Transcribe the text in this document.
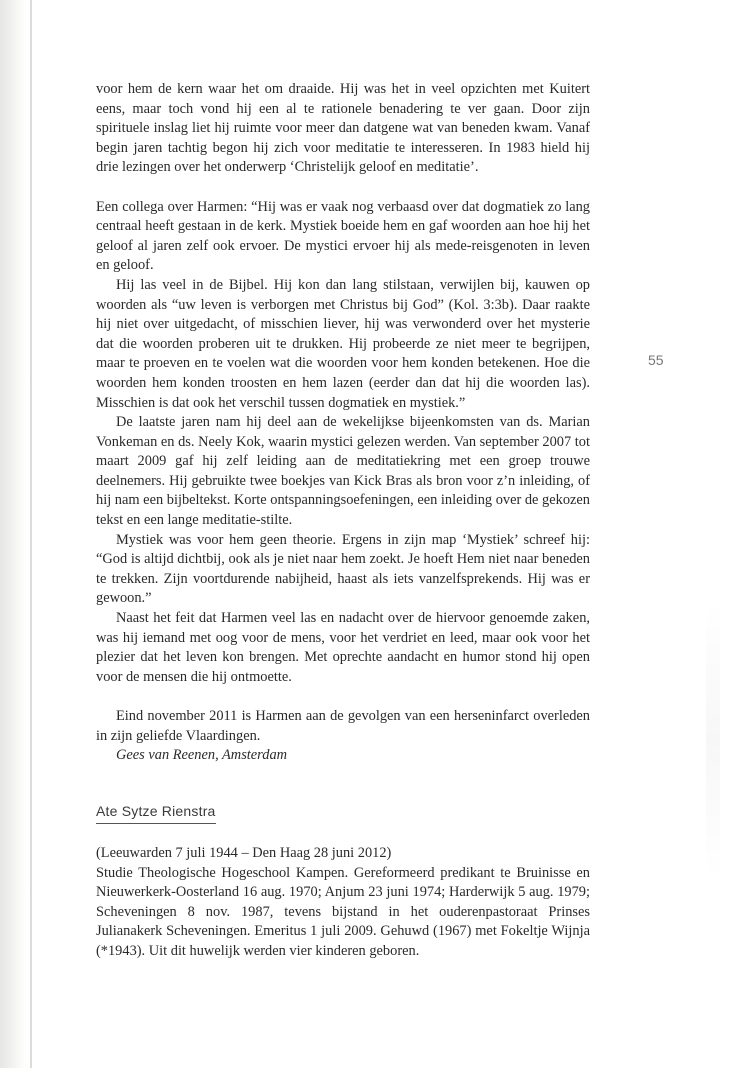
55

voor hem de kern waar het om draaide. Hij was het in veel opzichten met Kuitert eens, maar toch vond hij een al te rationele benadering te ver gaan. Door zijn spirituele inslag liet hij ruimte voor meer dan datgene wat van beneden kwam. Vanaf begin jaren tachtig begon hij zich voor meditatie te interesseren. In 1983 hield hij drie lezingen over het onderwerp ‘Christelijk geloof en meditatie’.

Een collega over Harmen: “Hij was er vaak nog verbaasd over dat dogmatiek zo lang centraal heeft gestaan in de kerk. Mystiek boeide hem en gaf woorden aan hoe hij het geloof al jaren zelf ook ervoer. De mystici ervoer hij als mede-reisgenoten in leven en geloof.

Hij las veel in de Bijbel. Hij kon dan lang stilstaan, verwijlen bij, kauwen op woorden als “uw leven is verborgen met Christus bij God” (Kol. 3:3b). Daar raakte hij niet over uitgedacht, of misschien liever, hij was verwonderd over het mysterie dat die woorden proberen uit te drukken. Hij probeerde ze niet meer te begrijpen, maar te proeven en te voelen wat die woorden voor hem konden betekenen. Hoe die woorden hem konden troosten en hem lazen (eerder dan dat hij die woorden las). Misschien is dat ook het verschil tussen dogmatiek en mystiek.”

De laatste jaren nam hij deel aan de wekelijkse bijeenkomsten van ds. Marian Vonkeman en ds. Neely Kok, waarin mystici gelezen werden. Van september 2007 tot maart 2009 gaf hij zelf leiding aan de meditatiekring met een groep trouwe deelnemers. Hij gebruikte twee boekjes van Kick Bras als bron voor z’n inleiding, of hij nam een bijbeltekst. Korte ontspanningsoefeningen, een inleiding over de gekozen tekst en een lange meditatie-stilte.

Mystiek was voor hem geen theorie. Ergens in zijn map ‘Mystiek’ schreef hij: “God is altijd dichtbij, ook als je niet naar hem zoekt. Je hoeft Hem niet naar beneden te trekken. Zijn voortdurende nabijheid, haast als iets vanzelfsprekends. Hij was er gewoon.”

Naast het feit dat Harmen veel las en nadacht over de hiervoor genoemde zaken, was hij iemand met oog voor de mens, voor het verdriet en leed, maar ook voor het plezier dat het leven kon brengen. Met oprechte aandacht en humor stond hij open voor de mensen die hij ontmoette.

Eind november 2011 is Harmen aan de gevolgen van een herseninfarct overleden in zijn geliefde Vlaardingen.

Gees van Reenen, Amsterdam

Ate Sytze Rienstra

(Leeuwarden 7 juli 1944 – Den Haag 28 juni 2012)

Studie Theologische Hogeschool Kampen. Gereformeerd predikant te Bruinisse en Nieuwerkerk-Oosterland 16 aug. 1970; Anjum 23 juni 1974; Harderwijk 5 aug. 1979; Scheveningen 8 nov. 1987, tevens bijstand in het ouderenpastoraat Prinses Julianakerk Scheveningen. Emeritus 1 juli 2009. Gehuwd (1967) met Fokeltje Wijnja (*1943). Uit dit huwelijk werden vier kinderen geboren.
